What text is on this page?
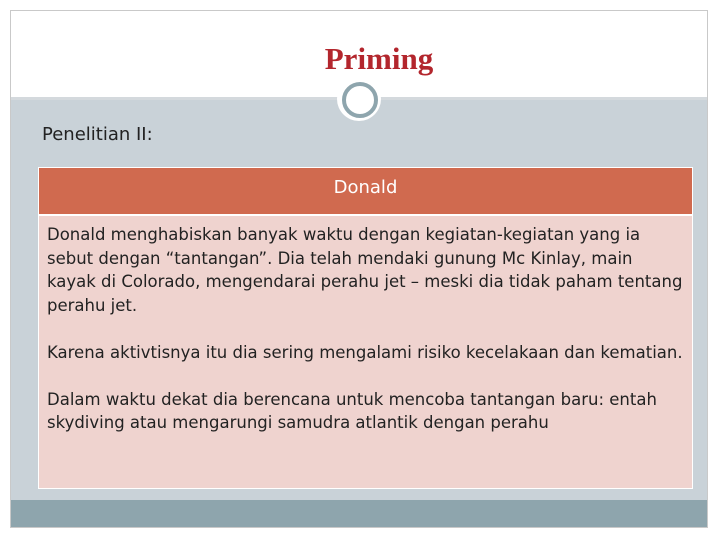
Priming
Penelitian II:
Donald

Donald menghabiskan banyak waktu dengan kegiatan-kegiatan yang ia sebut dengan “tantangan”. Dia telah mendaki gunung Mc Kinlay, main kayak di Colorado, mengendarai perahu jet – meski dia tidak paham tentang perahu jet.

Karena aktivtisnya itu dia sering mengalami risiko kecelakaan dan kematian.

Dalam waktu dekat dia berencana untuk mencoba tantangan baru: entah skydiving atau mengarungi samudra atlantik dengan perahu
